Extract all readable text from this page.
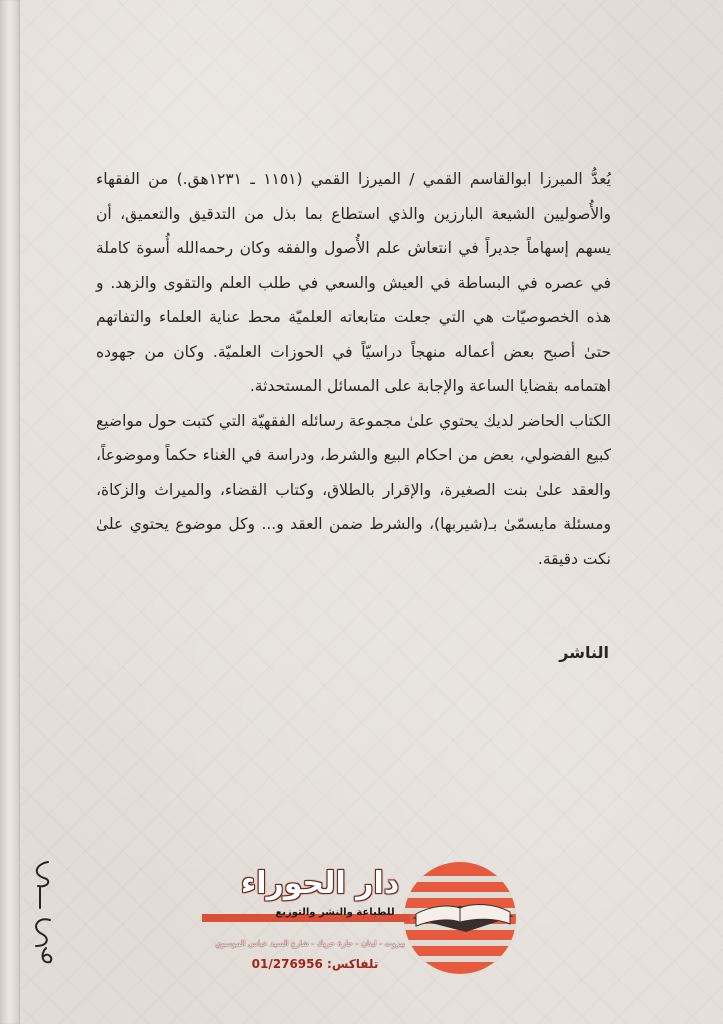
يُعدُّ الميرزا ابوالقاسم القمي / الميرزا القمي (١١٥١ ـ ١٢٣١هق.) من الفقهاء والأُصوليين الشيعة البارزين والذي استطاع بما بذل من التدقيق والتعميق، أن يسهم إسهاماً جديراً في انتعاش علم الأُصول والفقه وكان رحمه‌الله أُسوة كاملة في عصره في البساطة في العيش والسعي في طلب العلم والتقوى والزهد. و هذه الخصوصيّات هي التي جعلت متابعاته العلميّة محط عناية العلماء والتفاتهم حتىٰ أصبح بعض أعماله منهجاً دراسيّاً في الحوزات العلميّة. وكان من جهوده اهتمامه بقضايا الساعة والإجابة على المسائل المستحدثة.

الكتاب الحاضر لديك يحتوي علىٰ مجموعة رسائله الفقهيّة التي كتبت حول مواضيع كبيع الفضولي، بعض من احكام البيع والشرط، ودراسة في الغناء حكماً وموضوعاً، والعقد علىٰ بنت الصغيرة، والإقرار بالطلاق، وكتاب القضاء، والميراث والزكاة، ومسئلة مايسمّىٰ بـ(شيربها)، والشرط ضمن العقد و... وكل موضوع يحتوي علىٰ نكت دقيقة.

الناشر
دار الحوراء
للطباعة والنشر والتوزيع
بيروت - لبنان - حارة حريك - شارع السيد عباس الموسوي
تلفاكس: 01/276956
